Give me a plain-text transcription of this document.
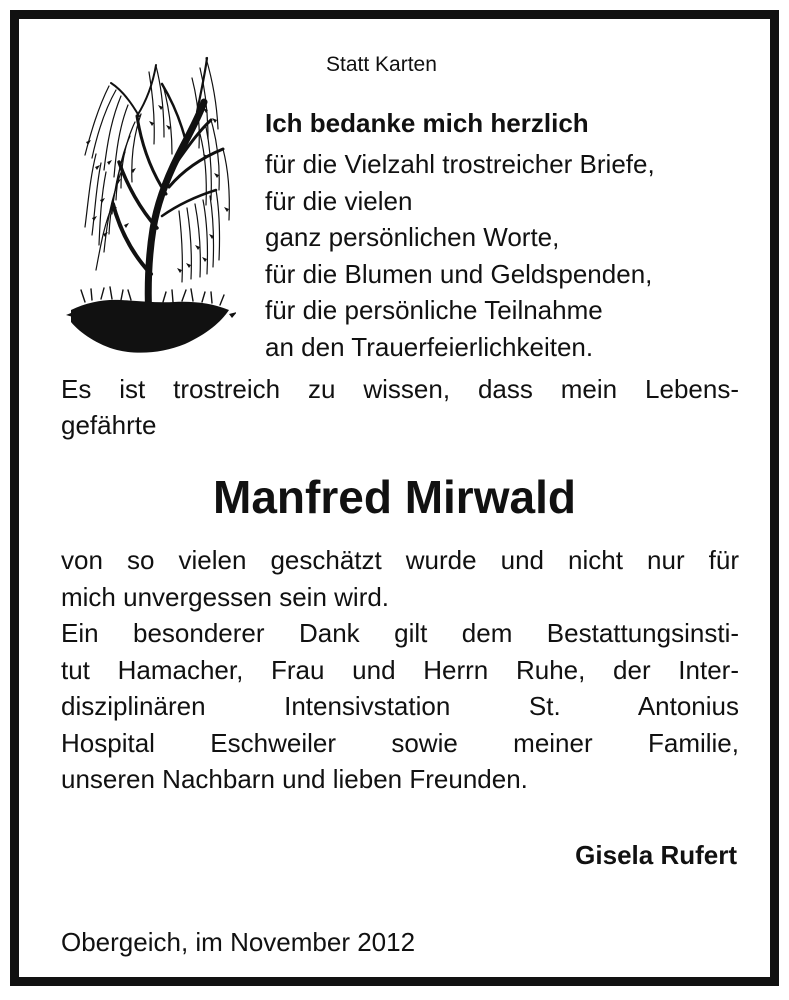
Statt Karten
Ich bedanke mich herzlich
für die Vielzahl trostreicher Briefe,
für die vielen
ganz persönlichen Worte,
für die Blumen und Geldspenden,
für die persönliche Teilnahme
an den Trauerfeierlichkeiten.
Es ist trostreich zu wissen, dass mein Lebens-
gefährte
Manfred Mirwald
von so vielen geschätzt wurde und nicht nur für
mich unvergessen sein wird.
Ein besonderer Dank gilt dem Bestattungsinsti-
tut Hamacher, Frau und Herrn Ruhe, der Inter-
disziplinären Intensivstation St. Antonius
Hospital Eschweiler sowie meiner Familie,
unseren Nachbarn und lieben Freunden.
Gisela Rufert
Obergeich, im November 2012
